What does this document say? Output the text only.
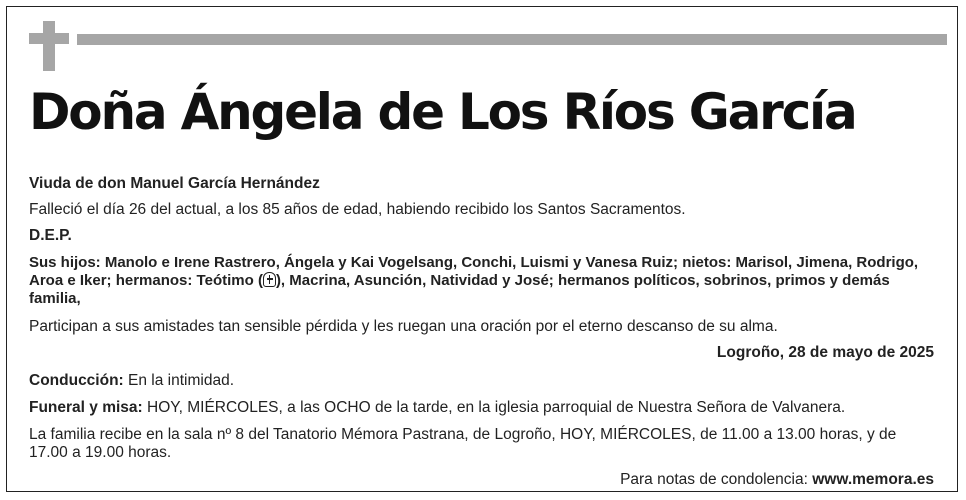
Doña Ángela de Los Ríos García

Viuda de don Manuel García Hernández

Falleció el día 26 del actual, a los 85 años de edad, habiendo recibido los Santos Sacramentos.

D.E.P.

Sus hijos: Manolo e Irene Rastrero, Ángela y Kai Vogelsang, Conchi, Luismi y Vanesa Ruiz; nietos: Marisol, Jimena, Rodrigo, Aroa e Iker; hermanos: Teótimo ( ), Macrina, Asunción, Natividad y José; hermanos políticos, sobrinos, primos y demás familia,

Participan a sus amistades tan sensible pérdida y les ruegan una oración por el eterno descanso de su alma.

Logroño, 28 de mayo de 2025

Conducción: En la intimidad.

Funeral y misa: HOY, MIÉRCOLES, a las OCHO de la tarde, en la iglesia parroquial de Nuestra Señora de Valvanera.

La familia recibe en la sala nº 8 del Tanatorio Mémora Pastrana, de Logroño, HOY, MIÉRCOLES, de 11.00 a 13.00 horas, y de 17.00 a 19.00 horas.

Para notas de condolencia: www.memora.es
